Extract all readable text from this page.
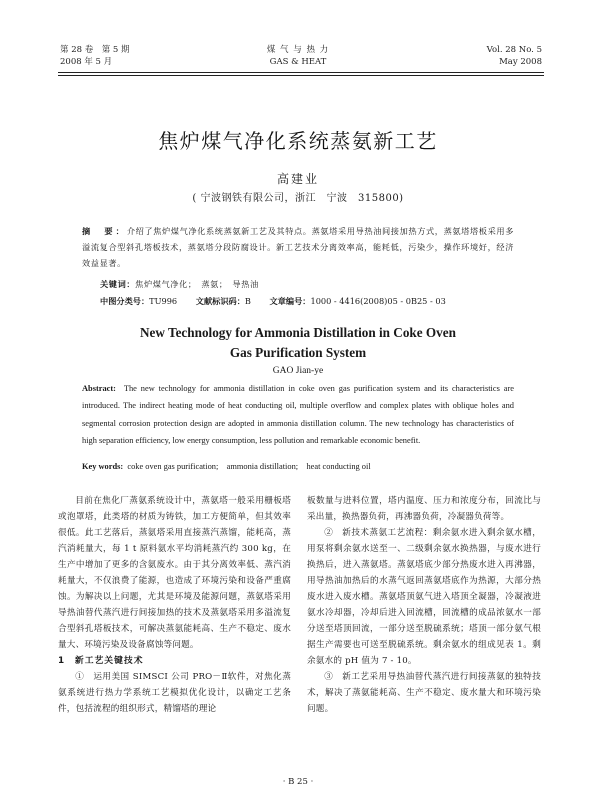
第 28 卷　第 5 期
2008 年 5 月
煤 气 与 热 力
GAS & HEAT
Vol. 28 No. 5
May 2008
焦炉煤气净化系统蒸氨新工艺
高建业
( 宁波钢铁有限公司，浙江　宁波　315800)
摘　要：介绍了焦炉煤气净化系统蒸氨新工艺及其特点。蒸氨塔采用导热油间接加热方式，蒸氨塔塔板采用多溢流复合型斜孔塔板技术，蒸氨塔分段防腐设计。新工艺技术分离效率高，能耗低，污染少，操作环境好，经济效益显著。
关键词：焦炉煤气净化；　蒸氨；　导热油
中图分类号：TU996 文献标识码：B 文章编号：1000 - 4416(2008)05 - 0B25 - 03
New Technology for Ammonia Distillation in Coke Oven
Gas Purification System
GAO Jian-ye
Abstract: The new technology for ammonia distillation in coke oven gas purification system and its characteristics are introduced. The indirect heating mode of heat conducting oil, multiple overflow and complex plates with oblique holes and segmental corrosion protection design are adopted in ammonia distillation column. The new technology has characteristics of high separation efficiency, low energy consumption, less pollution and remarkable economic benefit.
Key words: coke oven gas purification;　ammonia distillation;　heat conducting oil

目前在焦化厂蒸氨系统设计中，蒸氨塔一般采用栅板塔或泡罩塔，此类塔的材质为铸铁，加工方便简单，但其效率很低。此工艺落后，蒸氨塔采用直接蒸汽蒸馏，能耗高，蒸汽消耗量大，每 1 t 原料氨水平均消耗蒸汽约 300 kg，在生产中增加了更多的含氨废水。由于其分离效率低、蒸汽消耗量大，不仅浪费了能源，也造成了环境污染和设备严重腐蚀。为解决以上问题，尤其是环境及能源问题，蒸氨塔采用导热油替代蒸汽进行间接加热的技术及蒸氨塔采用多溢流复合型斜孔塔板技术，可解决蒸氨能耗高、生产不稳定、废水量大、环境污染及设备腐蚀等问题。

1　新工艺关键技术

①　运用美国 SIMSCI 公司 PRO－Ⅱ软件，对焦化蒸氨系统进行热力学系统工艺模拟优化设计，以确定工艺条件，包括流程的组织形式，精馏塔的理论

板数量与进料位置，塔内温度、压力和浓度分布，回流比与采出量，换热器负荷，再沸器负荷，冷凝器负荷等。

②　新技术蒸氨工艺流程：剩余氨水进入剩余氨水槽，用泵将剩余氨水送至一、二级剩余氨水换热器，与废水进行换热后，进入蒸氨塔。蒸氨塔底少部分热废水进入再沸器，用导热油加热后的水蒸气返回蒸氨塔底作为热源，大部分热废水进入废水槽。蒸氨塔顶氨气进入塔顶全凝器，冷凝液进氨水冷却器，冷却后进入回流槽，回流槽的成品浓氨水一部分送至塔顶回流，一部分送至脱硫系统；塔顶一部分氨气根据生产需要也可送至脱硫系统。剩余氨水的组成见表 1。剩余氨水的 pH 值为 7 - 10。

③　新工艺采用导热油替代蒸汽进行间接蒸氨的独特技术，解决了蒸氨能耗高、生产不稳定、废水量大和环境污染问题。

· B 25 ·
